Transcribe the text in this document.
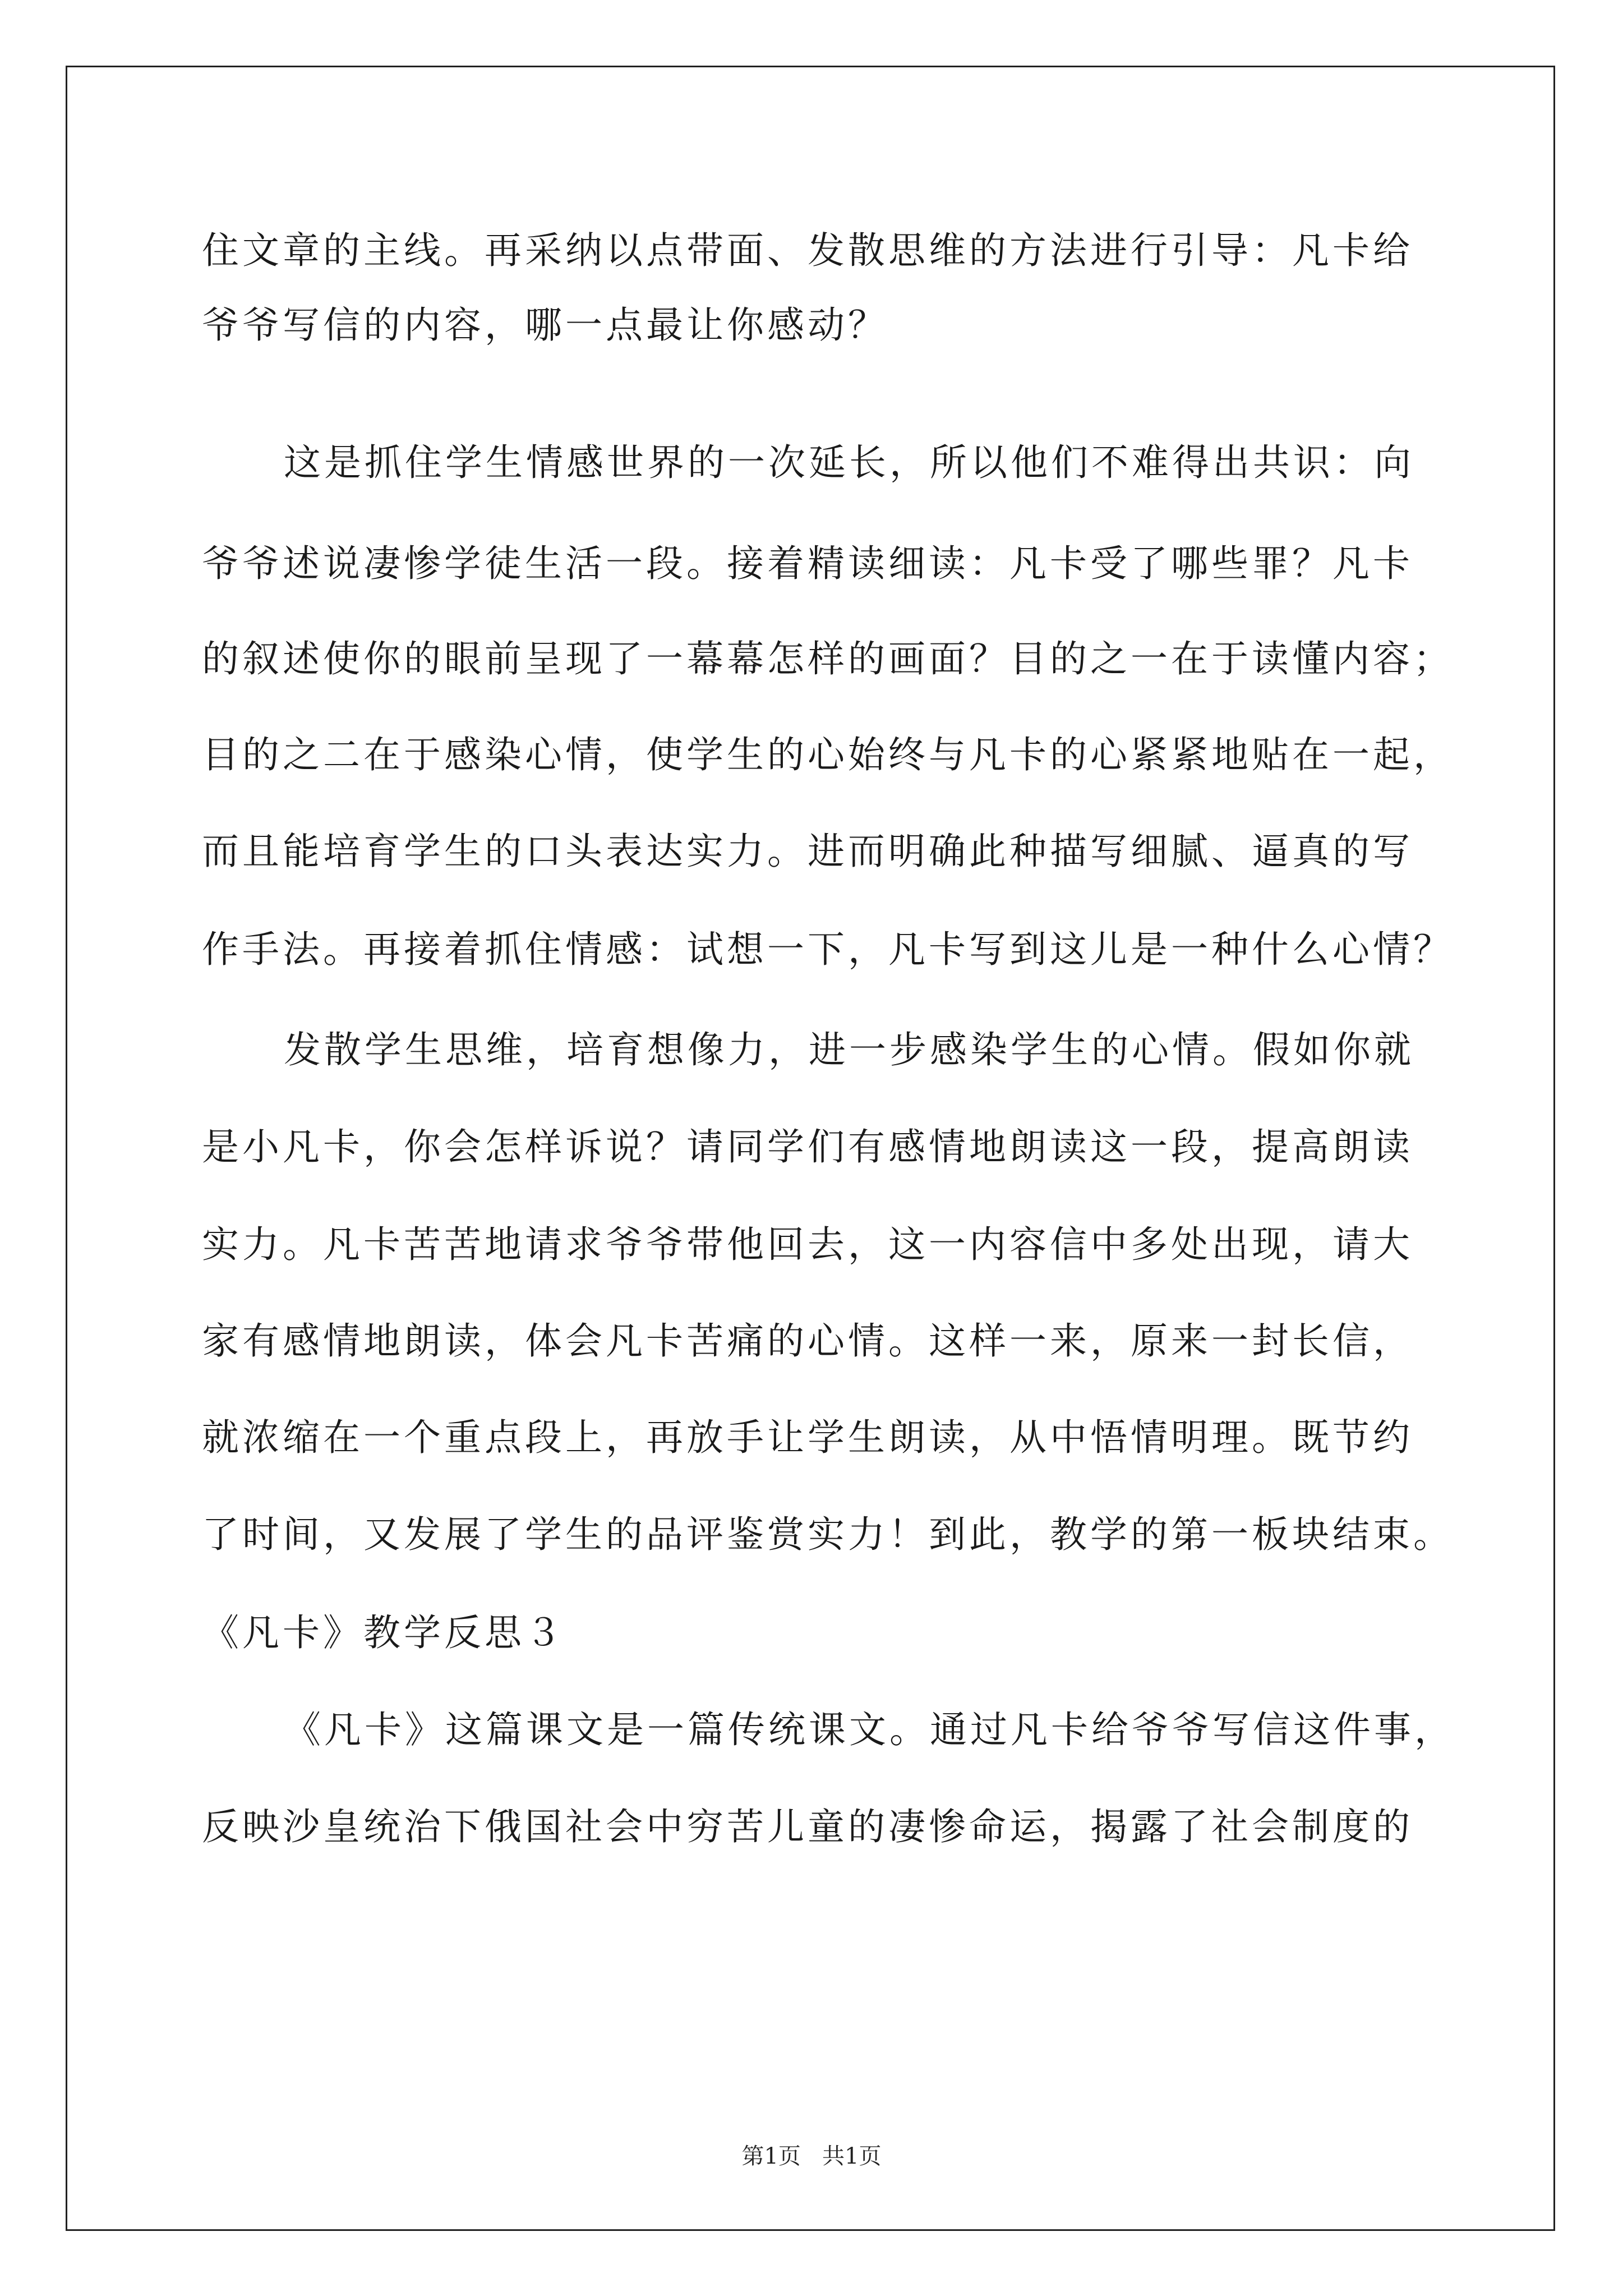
住文章的主线。再采纳以点带面、发散思维的方法进行引导：凡卡给
爷爷写信的内容，哪一点最让你感动？
这是抓住学生情感世界的一次延长，所以他们不难得出共识：向
爷爷述说凄惨学徒生活一段。接着精读细读：凡卡受了哪些罪？凡卡
的叙述使你的眼前呈现了一幕幕怎样的画面？目的之一在于读懂内容；
目的之二在于感染心情，使学生的心始终与凡卡的心紧紧地贴在一起，
而且能培育学生的口头表达实力。进而明确此种描写细腻、逼真的写
作手法。再接着抓住情感：试想一下，凡卡写到这儿是一种什么心情？
发散学生思维，培育想像力，进一步感染学生的心情。假如你就
是小凡卡，你会怎样诉说？请同学们有感情地朗读这一段，提高朗读
实力。凡卡苦苦地请求爷爷带他回去，这一内容信中多处出现，请大
家有感情地朗读，体会凡卡苦痛的心情。这样一来，原来一封长信，
就浓缩在一个重点段上，再放手让学生朗读，从中悟情明理。既节约
了时间，又发展了学生的品评鉴赏实力！到此，教学的第一板块结束。
《凡卡》教学反思３
《凡卡》这篇课文是一篇传统课文。通过凡卡给爷爷写信这件事，
反映沙皇统治下俄国社会中穷苦儿童的凄惨命运，揭露了社会制度的
第1页   共1页
